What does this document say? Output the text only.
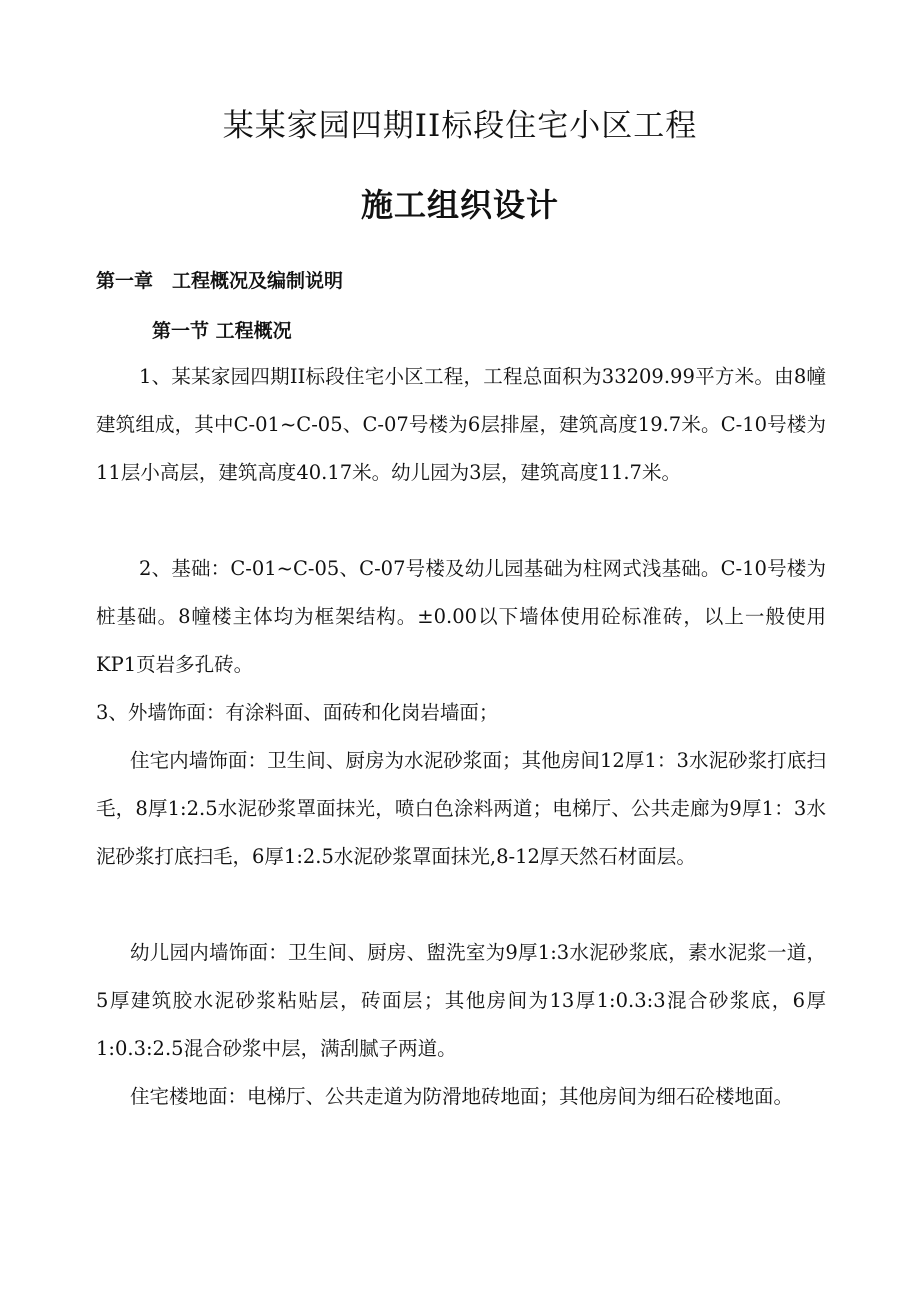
某某家园四期II标段住宅小区工程
施工组织设计
第一章　工程概况及编制说明
第一节 工程概况

1、某某家园四期II标段住宅小区工程，工程总面积为33209.99平方米。由8幢建筑组成，其中C-01~C-05、C-07号楼为6层排屋，建筑高度19.7米。C-10号楼为11层小高层，建筑高度40.17米。幼儿园为3层，建筑高度11.7米。

2、基础：C-01~C-05、C-07号楼及幼儿园基础为柱网式浅基础。C-10号楼为桩基础。8幢楼主体均为框架结构。±0.00以下墙体使用砼标准砖，以上一般使用KP1页岩多孔砖。

3、外墙饰面：有涂料面、面砖和化岗岩墙面；

住宅内墙饰面：卫生间、厨房为水泥砂浆面；其他房间12厚1：3水泥砂浆打底扫毛，8厚1:2.5水泥砂浆罩面抹光，喷白色涂料两道；电梯厅、公共走廊为9厚1：3水泥砂浆打底扫毛，6厚1:2.5水泥砂浆罩面抹光,8-12厚天然石材面层。

幼儿园内墙饰面：卫生间、厨房、盥洗室为9厚1:3水泥砂浆底，素水泥浆一道，5厚建筑胶水泥砂浆粘贴层，砖面层；其他房间为13厚1:0.3:3混合砂浆底，6厚1:0.3:2.5混合砂浆中层，满刮腻子两道。

住宅楼地面：电梯厅、公共走道为防滑地砖地面；其他房间为细石砼楼地面。
